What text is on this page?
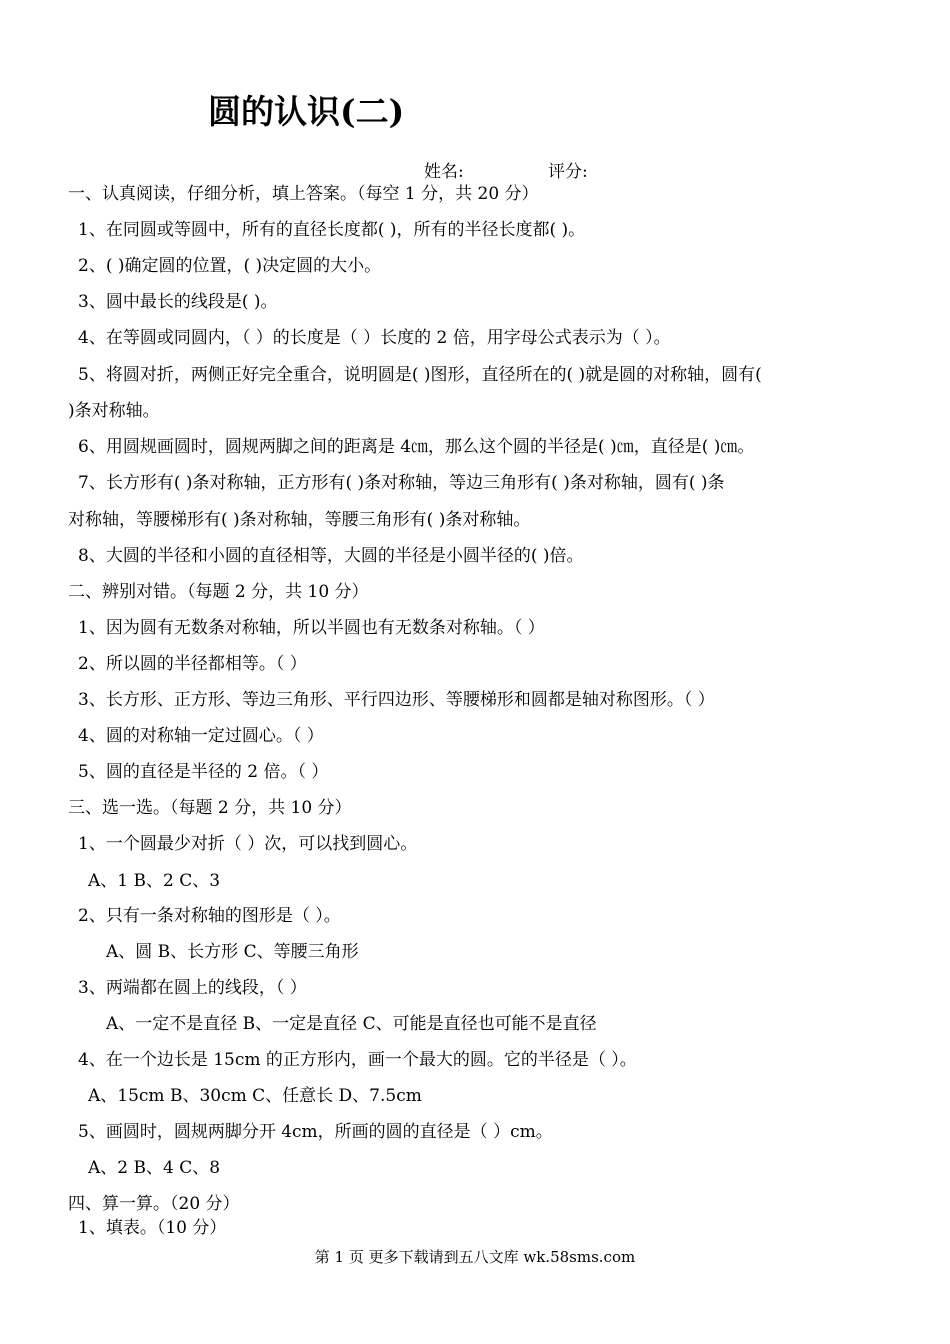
圆的认识(二)
姓名:	评分:
一、认真阅读，仔细分析，填上答案。（每空 1 分，共 20 分）
1、在同圆或等圆中，所有的直径长度都( )，所有的半径长度都( )。
2、( )确定圆的位置，( )决定圆的大小。
3、圆中最长的线段是( )。
4、在等圆或同圆内，（ ）的长度是（ ）长度的 2 倍，用字母公式表示为（ ）。
5、将圆对折，两侧正好完全重合，说明圆是( )图形，直径所在的( )就是圆的对称轴，圆有(
)条对称轴。
6、用圆规画圆时，圆规两脚之间的距离是 4㎝，那么这个圆的半径是( )㎝，直径是( )㎝。
7、长方形有( )条对称轴，正方形有( )条对称轴，等边三角形有( )条对称轴，圆有( )条
对称轴，等腰梯形有( )条对称轴，等腰三角形有( )条对称轴。
8、大圆的半径和小圆的直径相等，大圆的半径是小圆半径的( )倍。
二、辨别对错。（每题 2 分，共 10 分）
1、因为圆有无数条对称轴，所以半圆也有无数条对称轴。（ ）
2、所以圆的半径都相等。（ ）
3、长方形、正方形、等边三角形、平行四边形、等腰梯形和圆都是轴对称图形。（ ）
4、圆的对称轴一定过圆心。（ ）
5、圆的直径是半径的 2 倍。（ ）
三、选一选。（每题 2 分，共 10 分）
1、一个圆最少对折（ ）次，可以找到圆心。
A、1 B、2 C、3
2、只有一条对称轴的图形是（ ）。
A、圆 B、长方形 C、等腰三角形
3、两端都在圆上的线段，（ ）
A、一定不是直径 B、一定是直径 C、可能是直径也可能不是直径
4、在一个边长是 15cm 的正方形内，画一个最大的圆。它的半径是（ ）。
A、15cm B、30cm C、任意长 D、7.5cm
5、画圆时，圆规两脚分开 4cm，所画的圆的直径是（ ）cm。
A、2 B、4 C、8
四、算一算。（20 分）
1、填表。（10 分）
第 1 页 更多下载请到五八文库 wk.58sms.com
